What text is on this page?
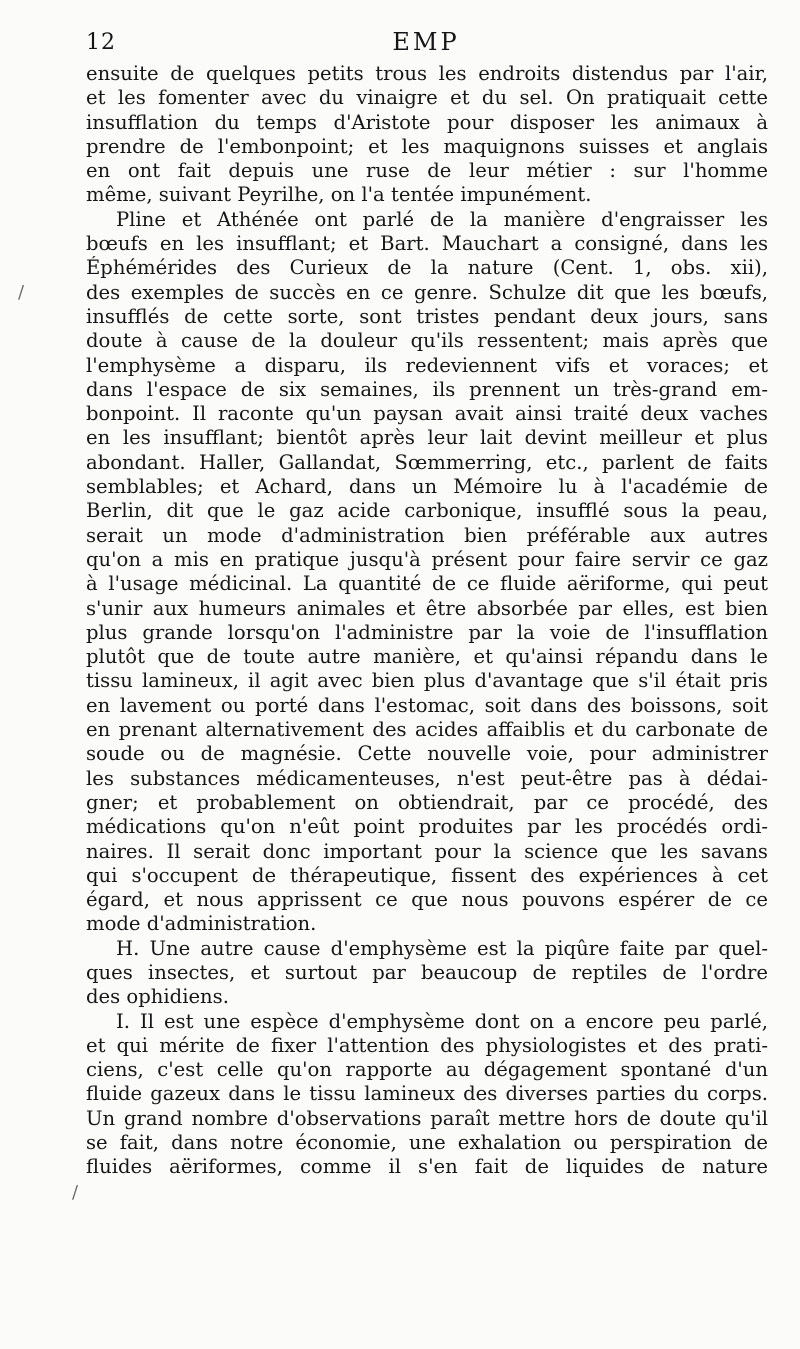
12	EMP
/
/
ensuite de quelques petits trous les endroits distendus par l'air,
et les fomenter avec du vinaigre et du sel. On pratiquait cette
insufflation du temps d'Aristote pour disposer les animaux à
prendre de l'embonpoint; et les maquignons suisses et anglais
en ont fait depuis une ruse de leur métier : sur l'homme
même, suivant Peyrilhe, on l'a tentée impunément.
Pline et Athénée ont parlé de la manière d'engraisser les
bœufs en les insufflant; et Bart. Mauchart a consigné, dans les
Éphémérides des Curieux de la nature (Cent. 1, obs. xii),
des exemples de succès en ce genre. Schulze dit que les bœufs,
insufflés de cette sorte, sont tristes pendant deux jours, sans
doute à cause de la douleur qu'ils ressentent; mais après que
l'emphysème a disparu, ils redeviennent vifs et voraces; et
dans l'espace de six semaines, ils prennent un très-grand em-
bonpoint. Il raconte qu'un paysan avait ainsi traité deux vaches
en les insufflant; bientôt après leur lait devint meilleur et plus
abondant. Haller, Gallandat, Sœmmerring, etc., parlent de faits
semblables; et Achard, dans un Mémoire lu à l'académie de
Berlin, dit que le gaz acide carbonique, insufflé sous la peau,
serait un mode d'administration bien préférable aux autres
qu'on a mis en pratique jusqu'à présent pour faire servir ce gaz
à l'usage médicinal. La quantité de ce fluide aëriforme, qui peut
s'unir aux humeurs animales et être absorbée par elles, est bien
plus grande lorsqu'on l'administre par la voie de l'insufflation
plutôt que de toute autre manière, et qu'ainsi répandu dans le
tissu lamineux, il agit avec bien plus d'avantage que s'il était pris
en lavement ou porté dans l'estomac, soit dans des boissons, soit
en prenant alternativement des acides affaiblis et du carbonate de
soude ou de magnésie. Cette nouvelle voie, pour administrer
les substances médicamenteuses, n'est peut-être pas à dédai-
gner; et probablement on obtiendrait, par ce procédé, des
médications qu'on n'eût point produites par les procédés ordi-
naires. Il serait donc important pour la science que les savans
qui s'occupent de thérapeutique, fissent des expériences à cet
égard, et nous apprissent ce que nous pouvons espérer de ce
mode d'administration.
H. Une autre cause d'emphysème est la piqûre faite par quel-
ques insectes, et surtout par beaucoup de reptiles de l'ordre
des ophidiens.
I. Il est une espèce d'emphysème dont on a encore peu parlé,
et qui mérite de fixer l'attention des physiologistes et des prati-
ciens, c'est celle qu'on rapporte au dégagement spontané d'un
fluide gazeux dans le tissu lamineux des diverses parties du corps.
Un grand nombre d'observations paraît mettre hors de doute qu'il
se fait, dans notre économie, une exhalation ou perspiration de
fluides aëriformes, comme il s'en fait de liquides de nature
